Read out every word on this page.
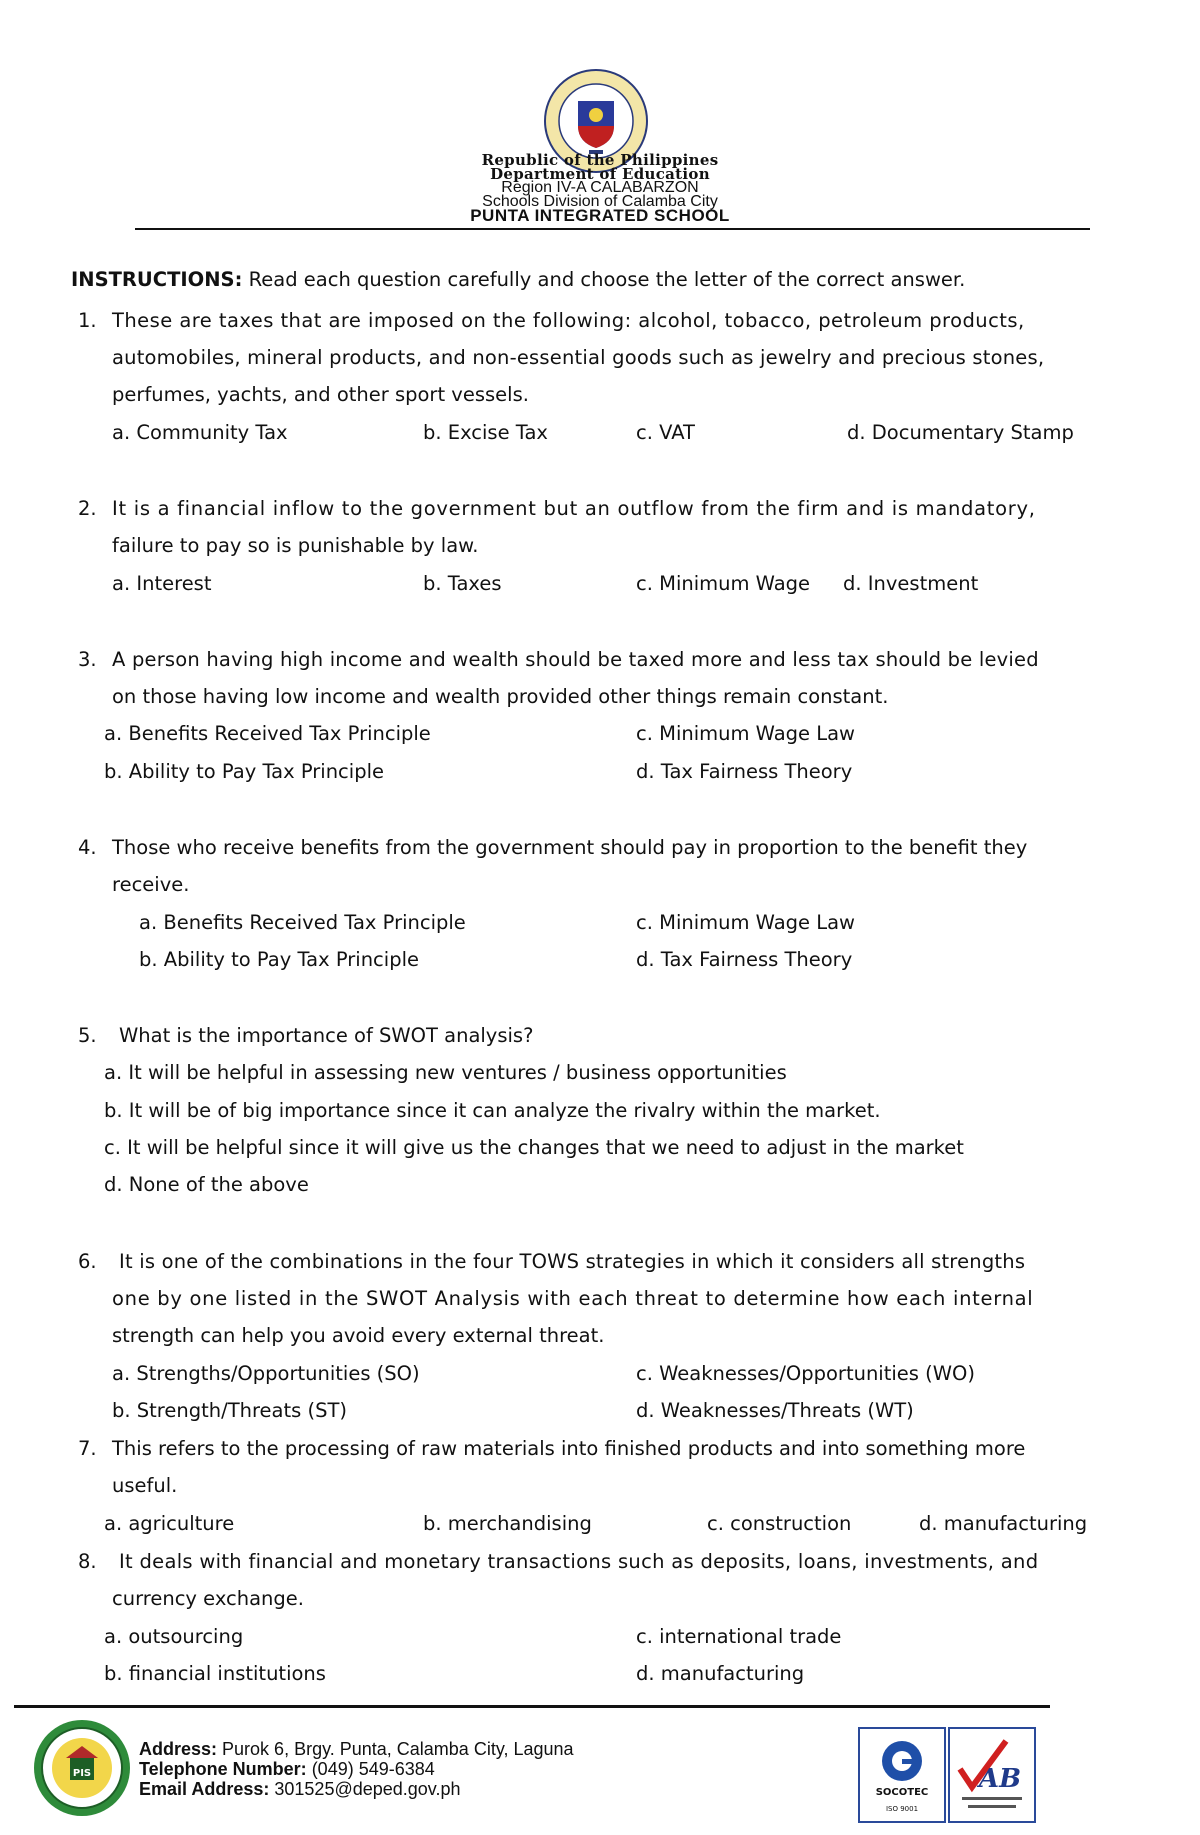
Republic of the Philippines
Department of Education
Region IV-A CALABARZON
Schools Division of Calamba City
PUNTA INTEGRATED SCHOOL
INSTRUCTIONS: Read each question carefully and choose the letter of the correct answer.
1. These are taxes that are imposed on the following: alcohol, tobacco, petroleum products,
automobiles, mineral products, and non-essential goods such as jewelry and precious stones,
perfumes, yachts, and other sport vessels.
a. Community Tax	b. Excise Tax	c. VAT	d. Documentary Stamp
2. It is a financial inflow to the government but an outflow from the firm and is mandatory,
failure to pay so is punishable by law.
a. Interest	b. Taxes	c. Minimum Wage d. Investment
3. A person having high income and wealth should be taxed more and less tax should be levied
on those having low income and wealth provided other things remain constant.
a. Benefits Received Tax Principle	c. Minimum Wage Law
b. Ability to Pay Tax Principle	d. Tax Fairness Theory
4. Those who receive benefits from the government should pay in proportion to the benefit they
receive.
a. Benefits Received Tax Principle	c. Minimum Wage Law
b. Ability to Pay Tax Principle	d. Tax Fairness Theory
5. What is the importance of SWOT analysis?
a. It will be helpful in assessing new ventures / business opportunities
b. It will be of big importance since it can analyze the rivalry within the market.
c. It will be helpful since it will give us the changes that we need to adjust in the market
d. None of the above
6. It is one of the combinations in the four TOWS strategies in which it considers all strengths
one by one listed in the SWOT Analysis with each threat to determine how each internal
strength can help you avoid every external threat.
a. Strengths/Opportunities (SO)	c. Weaknesses/Opportunities (WO)
b. Strength/Threats (ST)	d. Weaknesses/Threats (WT)
7. This refers to the processing of raw materials into finished products and into something more
useful.
a. agriculture	b. merchandising	c. construction	d. manufacturing
8. It deals with financial and monetary transactions such as deposits, loans, investments, and
currency exchange.
a. outsourcing	c. international trade
b. financial institutions	d. manufacturing
PIS
Address: Purok 6, Brgy. Punta, Calamba City, Laguna
Telephone Number: (049) 549-6384
Email Address: 301525@deped.gov.ph	SOCOTEC
ISO 9001
AB
